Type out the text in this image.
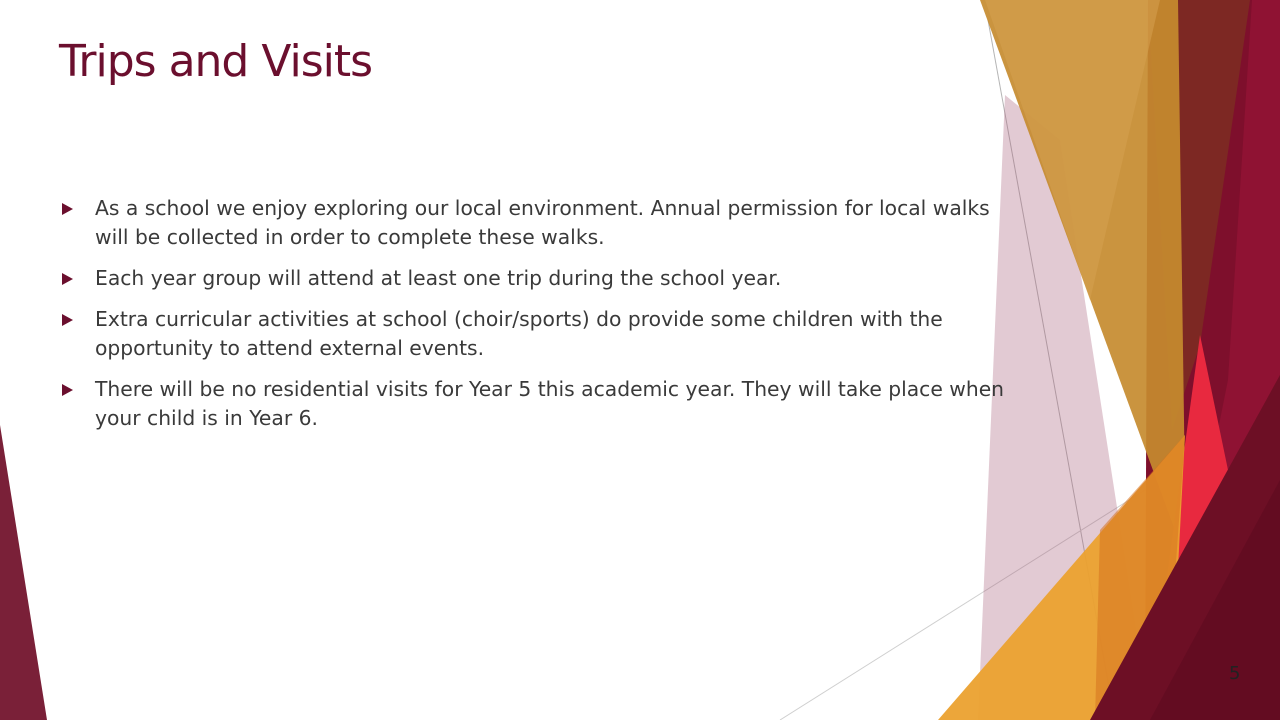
Trips and Visits
As a school we enjoy exploring our local environment. Annual permission for local walks will be collected in order to complete these walks.
Each year group will attend at least one trip during the school year.
Extra curricular activities at school (choir/sports) do provide some children with the opportunity to attend external events.
There will be no residential visits for Year 5 this academic year. They will take place when your child is in Year 6.
5
